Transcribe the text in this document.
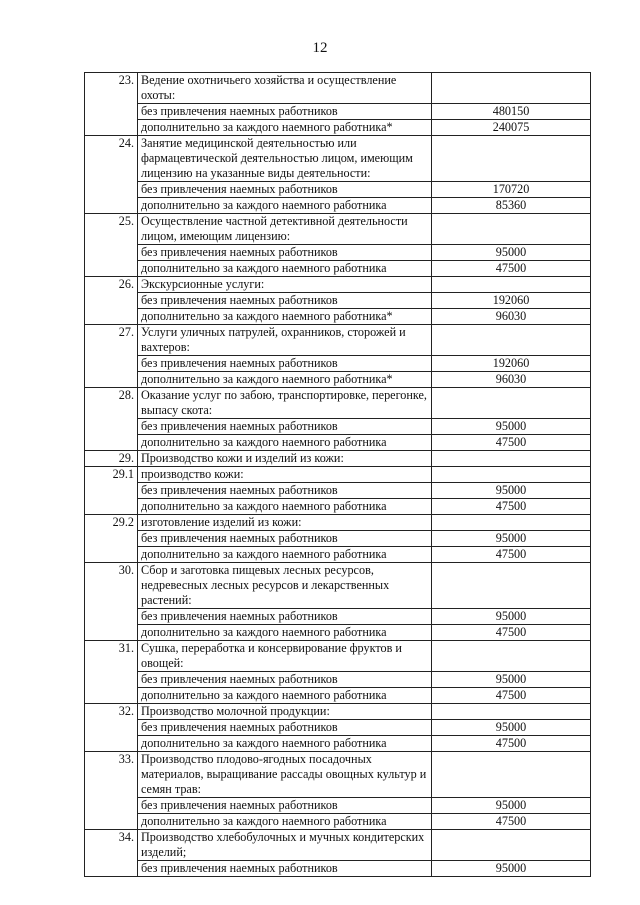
12
23.	Ведение охотничьего хозяйства и осуществление охоты:	
	без привлечения наемных работников	480150
	дополнительно за каждого наемного работника*	240075
24.	Занятие медицинской деятельностью или фармацевтической деятельностью лицом, имеющим лицензию на указанные виды деятельности:	
	без привлечения наемных работников	170720
	дополнительно за каждого наемного работника	85360
25.	Осуществление частной детективной деятельности лицом, имеющим лицензию:	
	без привлечения наемных работников	95000
	дополнительно за каждого наемного работника	47500
26.	Экскурсионные услуги:	
	без привлечения наемных работников	192060
	дополнительно за каждого наемного работника*	96030
27.	Услуги уличных патрулей, охранников, сторожей и вахтеров:	
	без привлечения наемных работников	192060
	дополнительно за каждого наемного работника*	96030
28.	Оказание услуг по забою, транспортировке, перегонке, выпасу скота:	
	без привлечения наемных работников	95000
	дополнительно за каждого наемного работника	47500
29.	Производство кожи и изделий из кожи:	
29.1	производство кожи:	
	без привлечения наемных работников	95000
	дополнительно за каждого наемного работника	47500
29.2	изготовление изделий из кожи:	
	без привлечения наемных работников	95000
	дополнительно за каждого наемного работника	47500
30.	Сбор и заготовка пищевых лесных ресурсов, недревесных лесных ресурсов и лекарственных растений:	
	без привлечения наемных работников	95000
	дополнительно за каждого наемного работника	47500
31.	Сушка, переработка и консервирование фруктов и овощей:	
	без привлечения наемных работников	95000
	дополнительно за каждого наемного работника	47500
32.	Производство молочной продукции:	
	без привлечения наемных работников	95000
	дополнительно за каждого наемного работника	47500
33.	Производство плодово-ягодных посадочных материалов, выращивание рассады овощных культур и семян трав:	
	без привлечения наемных работников	95000
	дополнительно за каждого наемного работника	47500
34.	Производство хлебобулочных и мучных кондитерских изделий;	
	без привлечения наемных работников	95000
